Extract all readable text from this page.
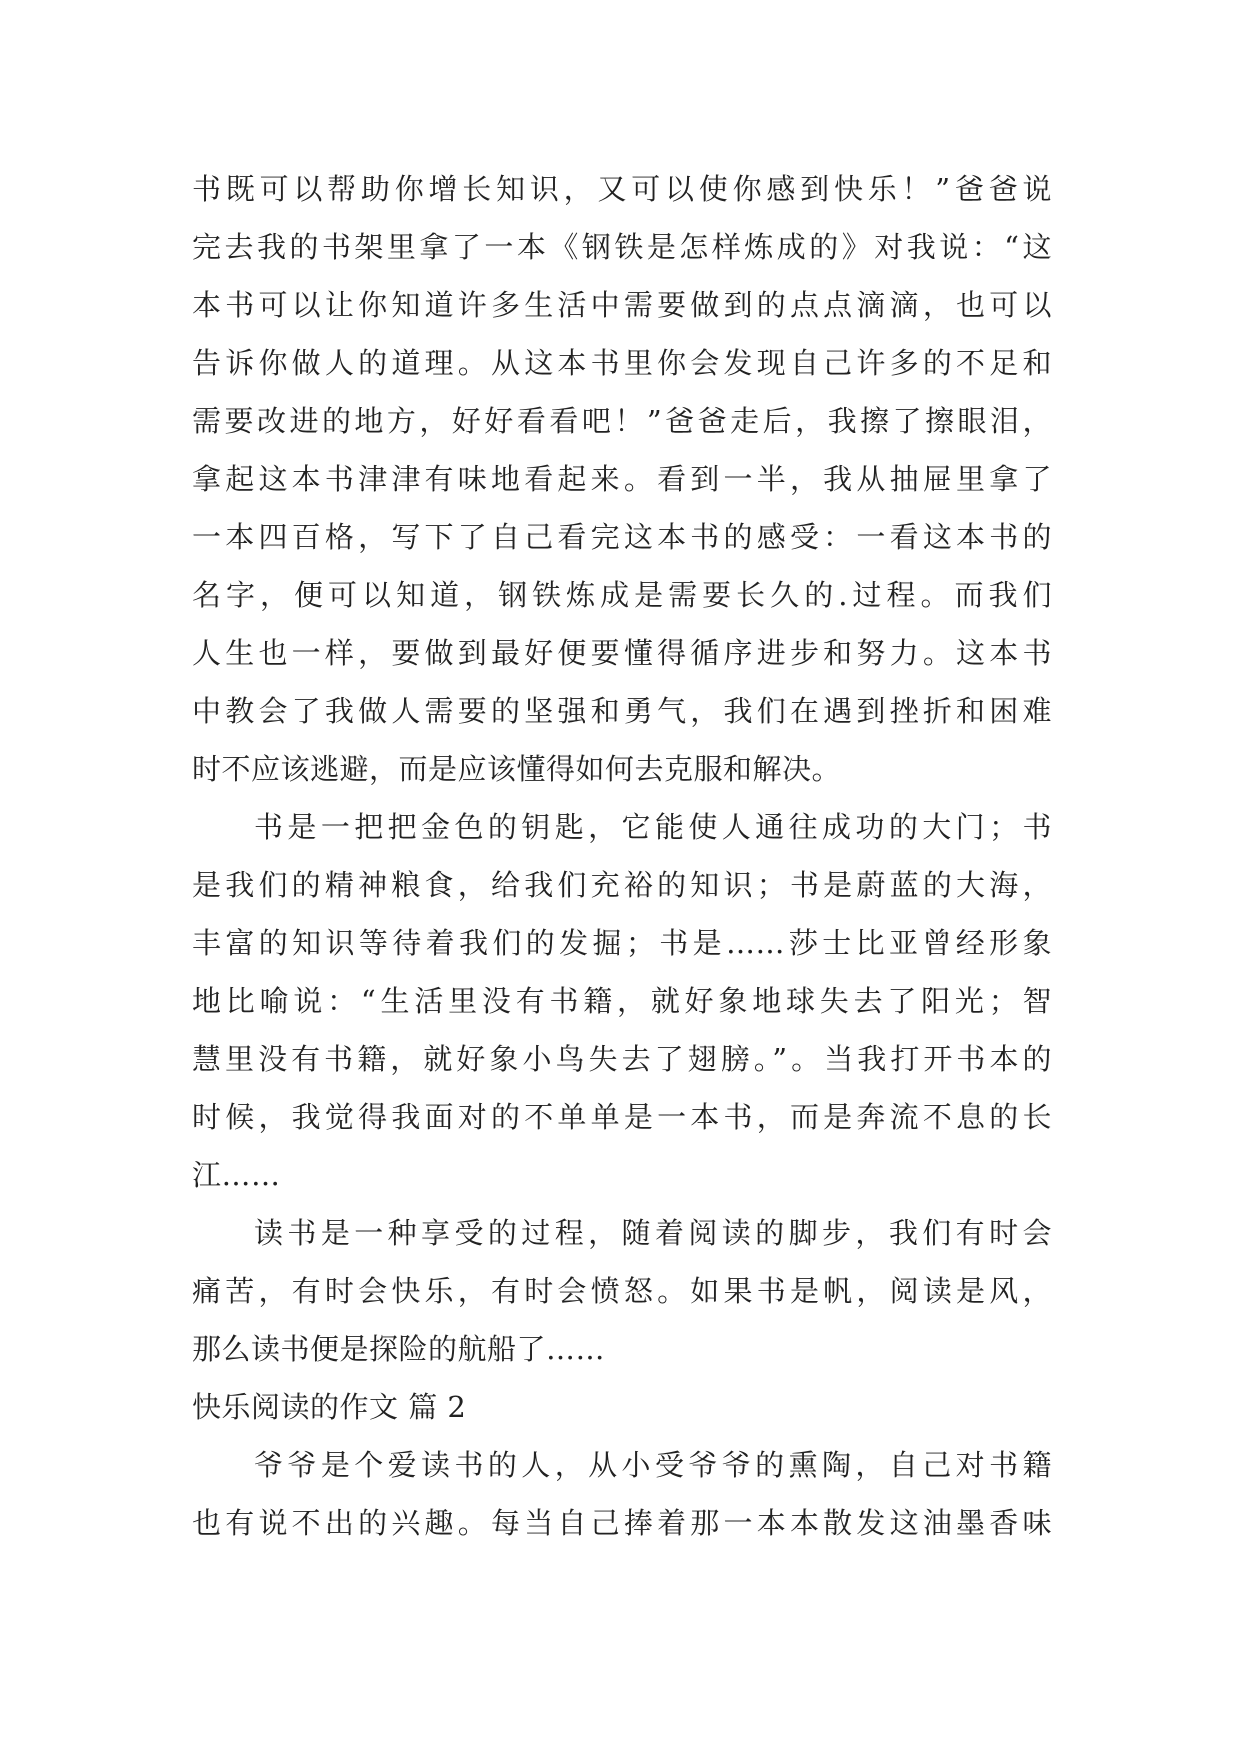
书既可以帮助你增长知识，又可以使你感到快乐！”爸爸说
完去我的书架里拿了一本《钢铁是怎样炼成的》对我说：“这
本书可以让你知道许多生活中需要做到的点点滴滴，也可以
告诉你做人的道理。从这本书里你会发现自己许多的不足和
需要改进的地方，好好看看吧！”爸爸走后，我擦了擦眼泪，
拿起这本书津津有味地看起来。看到一半，我从抽屉里拿了
一本四百格，写下了自己看完这本书的感受：一看这本书的
名字，便可以知道，钢铁炼成是需要长久的.过程。而我们
人生也一样，要做到最好便要懂得循序进步和努力。这本书
中教会了我做人需要的坚强和勇气，我们在遇到挫折和困难
时不应该逃避，而是应该懂得如何去克服和解决。
书是一把把金色的钥匙，它能使人通往成功的大门；书
是我们的精神粮食，给我们充裕的知识；书是蔚蓝的大海，
丰富的知识等待着我们的发掘；书是……莎士比亚曾经形象
地比喻说：“生活里没有书籍，就好象地球失去了阳光；智
慧里没有书籍，就好象小鸟失去了翅膀。”。当我打开书本的
时候，我觉得我面对的不单单是一本书，而是奔流不息的长
江……
读书是一种享受的过程，随着阅读的脚步，我们有时会
痛苦，有时会快乐，有时会愤怒。如果书是帆，阅读是风，
那么读书便是探险的航船了……
快乐阅读的作文 篇 2
爷爷是个爱读书的人，从小受爷爷的熏陶，自己对书籍
也有说不出的兴趣。每当自己捧着那一本本散发这油墨香味
